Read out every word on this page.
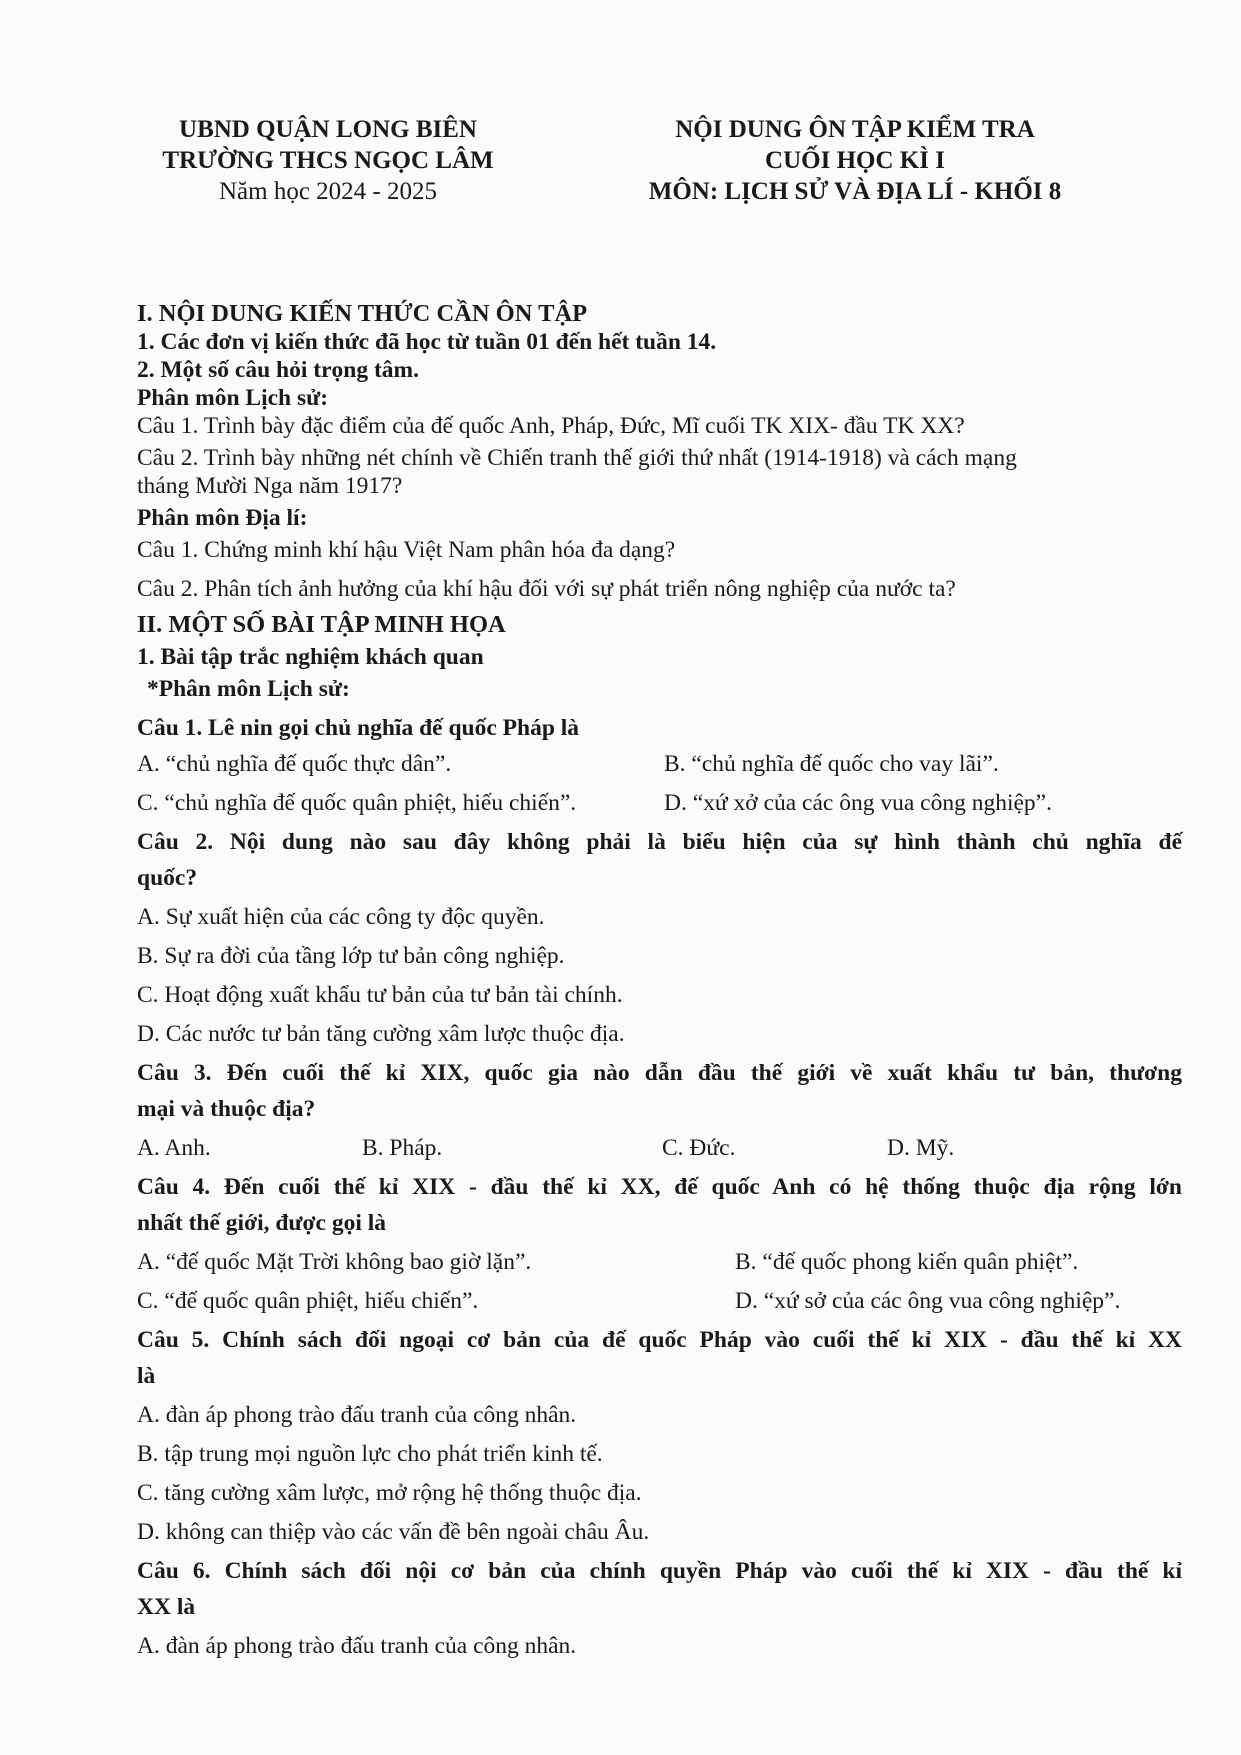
UBND QUẬN LONG BIÊN
TRƯỜNG THCS NGỌC LÂM
Năm học 2024 - 2025
NỘI DUNG ÔN TẬP KIỂM TRA
CUỐI HỌC KÌ I
MÔN: LỊCH SỬ VÀ ĐỊA LÍ - KHỐI 8
I. NỘI DUNG KIẾN THỨC CẦN ÔN TẬP
1. Các đơn vị kiến thức đã học từ tuần 01 đến hết tuần 14.
2. Một số câu hỏi trọng tâm.
Phân môn Lịch sử:
Câu 1. Trình bày đặc điểm của đế quốc Anh, Pháp, Đức, Mĩ cuối TK XIX- đầu TK XX?
Câu 2. Trình bày những nét chính về Chiến tranh thế giới thứ nhất (1914-1918) và cách mạng
tháng Mười Nga năm 1917?
Phân môn Địa lí:
Câu 1. Chứng minh khí hậu Việt Nam phân hóa đa dạng?
Câu 2. Phân tích ảnh hưởng của khí hậu đối với sự phát triển nông nghiệp của nước ta?
II. MỘT SỐ BÀI TẬP MINH HỌA
1. Bài tập trắc nghiệm khách quan
*Phân môn Lịch sử:
Câu 1. Lê nin gọi chủ nghĩa đế quốc Pháp là
A. “chủ nghĩa đế quốc thực dân”.	B. “chủ nghĩa đế quốc cho vay lãi”.
C. “chủ nghĩa đế quốc quân phiệt, hiếu chiến”.	D. “xứ xở của các ông vua công nghiệp”.
Câu 2. Nội dung nào sau đây không phải là biểu hiện của sự hình thành chủ nghĩa đế
quốc?
A. Sự xuất hiện của các công ty độc quyền.
B. Sự ra đời của tầng lớp tư bản công nghiệp.
C. Hoạt động xuất khẩu tư bản của tư bản tài chính.
D. Các nước tư bản tăng cường xâm lược thuộc địa.
Câu 3. Đến cuối thế kỉ XIX, quốc gia nào dẫn đầu thế giới về xuất khẩu tư bản, thương
mại và thuộc địa?
A. Anh.	B. Pháp.	C. Đức.	D. Mỹ.
Câu 4. Đến cuối thế kỉ XIX - đầu thế kỉ XX, đế quốc Anh có hệ thống thuộc địa rộng lớn
nhất thế giới, được gọi là
A. “đế quốc Mặt Trời không bao giờ lặn”.	B. “đế quốc phong kiến quân phiệt”.
C. “đế quốc quân phiệt, hiếu chiến”.	D. “xứ sở của các ông vua công nghiệp”.
Câu 5. Chính sách đối ngoại cơ bản của đế quốc Pháp vào cuối thế kỉ XIX - đầu thế kỉ XX
là
A. đàn áp phong trào đấu tranh của công nhân.
B. tập trung mọi nguồn lực cho phát triển kinh tế.
C. tăng cường xâm lược, mở rộng hệ thống thuộc địa.
D. không can thiệp vào các vấn đề bên ngoài châu Âu.
Câu 6. Chính sách đối nội cơ bản của chính quyền Pháp vào cuối thế kỉ XIX - đầu thế kỉ
XX là
A. đàn áp phong trào đấu tranh của công nhân.
